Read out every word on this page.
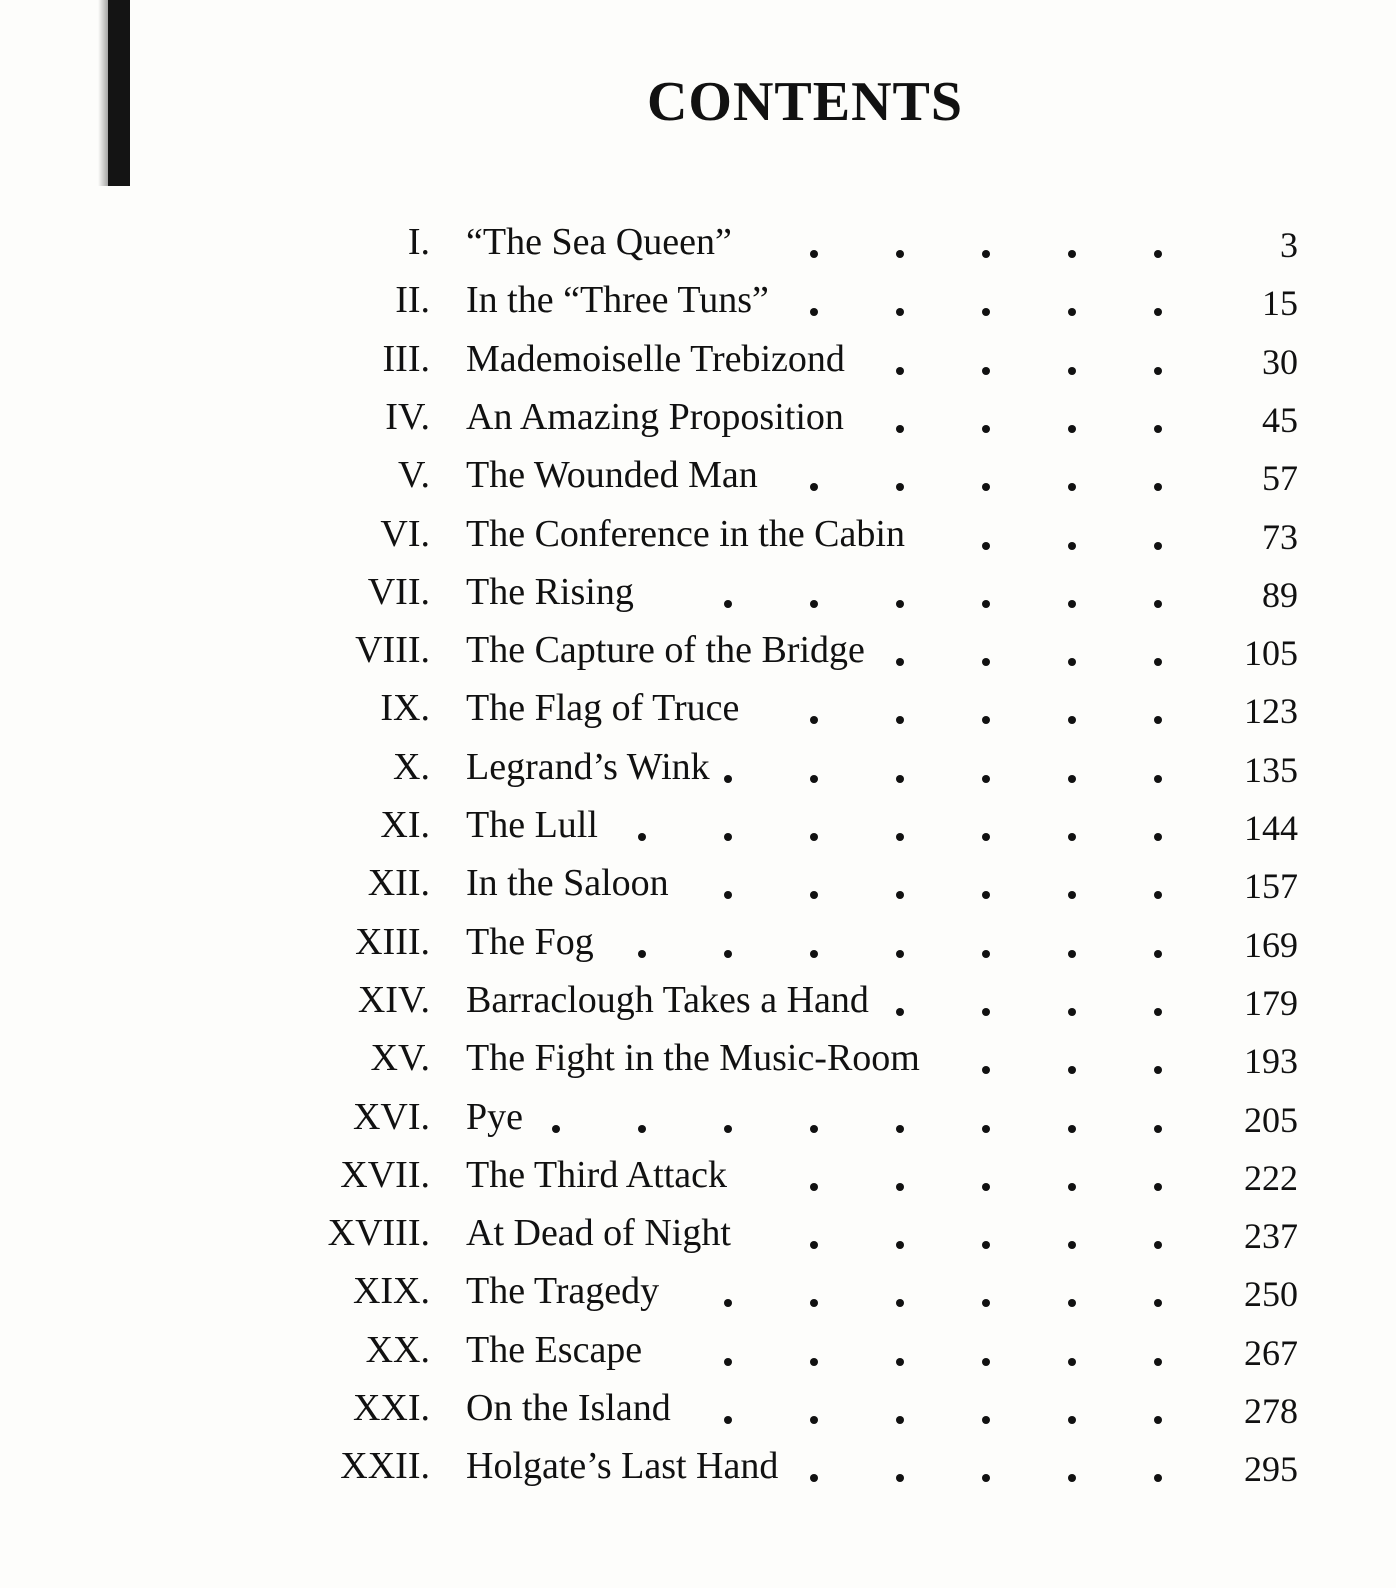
CONTENTS
I. “The Sea Queen”	3
II. In the “Three Tuns”	15
III. Mademoiselle Trebizond	30
IV. An Amazing Proposition	45
V. The Wounded Man	57
VI. The Conference in the Cabin	73
VII. The Rising	89
VIII. The Capture of the Bridge	105
IX. The Flag of Truce	123
X. Legrand’s Wink	135
XI. The Lull	144
XII. In the Saloon	157
XIII. The Fog	169
XIV. Barraclough Takes a Hand	179
XV. The Fight in the Music-Room	193
XVI. Pye	205
XVII. The Third Attack	222
XVIII. At Dead of Night	237
XIX. The Tragedy	250
XX. The Escape	267
XXI. On the Island	278
XXII. Holgate’s Last Hand	295
